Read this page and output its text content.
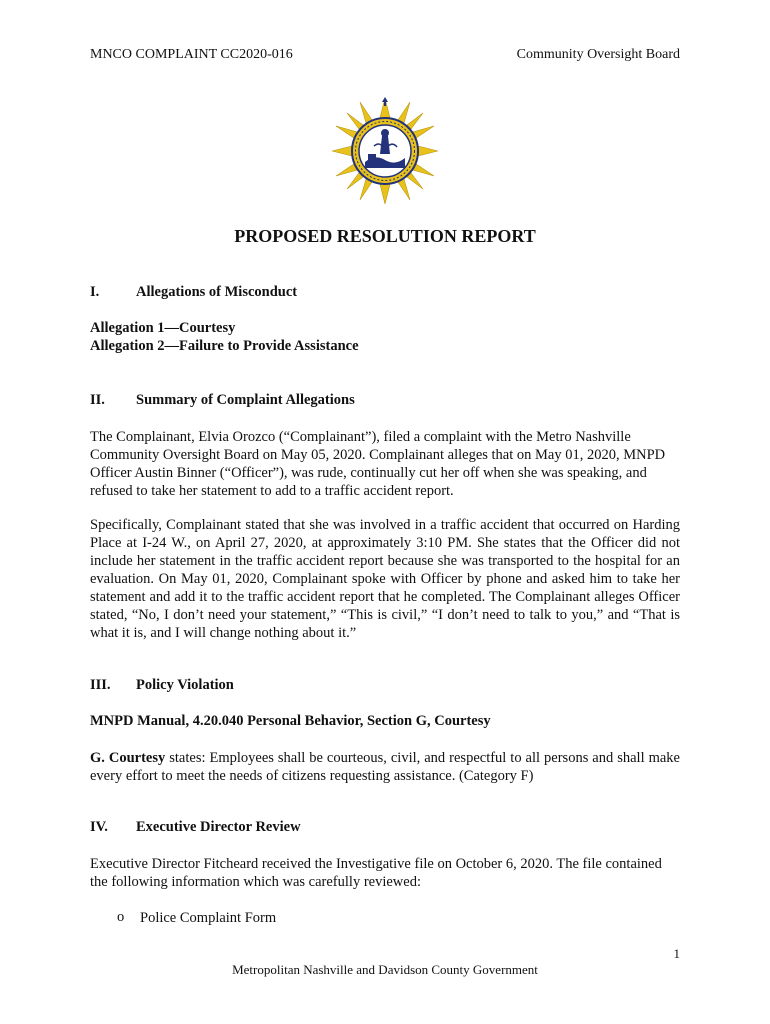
MNCO COMPLAINT CC2020-016	Community Oversight Board
PROPOSED RESOLUTION REPORT
I.	Allegations of Misconduct
Allegation 1—Courtesy
Allegation 2—Failure to Provide Assistance
II. Summary of Complaint Allegations
The Complainant, Elvia Orozco (“Complainant”), filed a complaint with the Metro Nashville Community Oversight Board on May 05, 2020. Complainant alleges that on May 01, 2020, MNPD Officer Austin Binner (“Officer”), was rude, continually cut her off when she was speaking, and refused to take her statement to add to a traffic accident report.
Specifically, Complainant stated that she was involved in a traffic accident that occurred on Harding Place at I-24 W., on April 27, 2020, at approximately 3:10 PM. She states that the Officer did not include her statement in the traffic accident report because she was transported to the hospital for an evaluation. On May 01, 2020, Complainant spoke with Officer by phone and asked him to take her statement and add it to the traffic accident report that he completed. The Complainant alleges Officer stated, “No, I don’t need your statement,” “This is civil,” “I don’t need to talk to you,” and “That is what it is, and I will change nothing about it.”
III. Policy Violation
MNPD Manual, 4.20.040 Personal Behavior, Section G, Courtesy
G. Courtesy states: Employees shall be courteous, civil, and respectful to all persons and shall make every effort to meet the needs of citizens requesting assistance. (Category F)
IV. Executive Director Review
Executive Director Fitcheard received the Investigative file on October 6, 2020. The file contained the following information which was carefully reviewed:
o Police Complaint Form
1
Metropolitan Nashville and Davidson County Government
